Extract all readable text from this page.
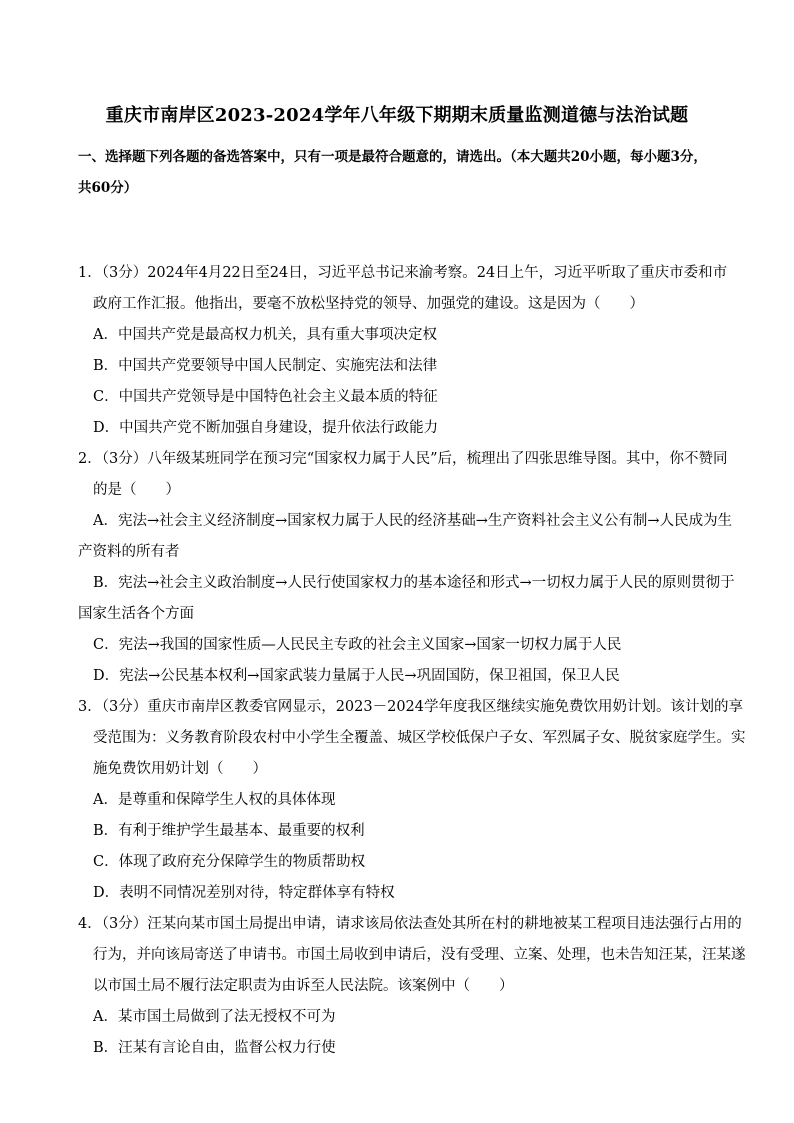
重庆市南岸区2023-2024学年八年级下期期末质量监测道德与法治试题
一、选择题下列各题的备选答案中，只有一项是最符合题意的，请选出。（本大题共20小题，每小题3分，共60分）
1．（3分）2024年4月22日至24日，习近平总书记来渝考察。24日上午，习近平听取了重庆市委和市
政府工作汇报。他指出，要毫不放松坚持党的领导、加强党的建设。这是因为（　　）
A．中国共产党是最高权力机关，具有重大事项决定权
B．中国共产党要领导中国人民制定、实施宪法和法律
C．中国共产党领导是中国特色社会主义最本质的特征
D．中国共产党不断加强自身建设，提升依法行政能力
2．（3分）八年级某班同学在预习完“国家权力属于人民”后，梳理出了四张思维导图。其中，你不赞同
的是（　　）
A．宪法→社会主义经济制度→国家权力属于人民的经济基础→生产资料社会主义公有制→人民成为生
产资料的所有者
B．宪法→社会主义政治制度→人民行使国家权力的基本途径和形式→一切权力属于人民的原则贯彻于
国家生活各个方面
C．宪法→我国的国家性质—人民民主专政的社会主义国家→国家一切权力属于人民
D．宪法→公民基本权利→国家武装力量属于人民→巩固国防，保卫祖国，保卫人民
3．（3分）重庆市南岸区教委官网显示，2023－2024学年度我区继续实施免费饮用奶计划。该计划的享
受范围为：义务教育阶段农村中小学生全覆盖、城区学校低保户子女、军烈属子女、脱贫家庭学生。实
施免费饮用奶计划（　　）
A．是尊重和保障学生人权的具体体现
B．有利于维护学生最基本、最重要的权利
C．体现了政府充分保障学生的物质帮助权
D．表明不同情况差别对待，特定群体享有特权
4．（3分）汪某向某市国土局提出申请，请求该局依法查处其所在村的耕地被某工程项目违法强行占用的
行为，并向该局寄送了申请书。市国土局收到申请后，没有受理、立案、处理，也未告知汪某，汪某遂
以市国土局不履行法定职责为由诉至人民法院。该案例中（　　）
A．某市国土局做到了法无授权不可为
B．汪某有言论自由，监督公权力行使
